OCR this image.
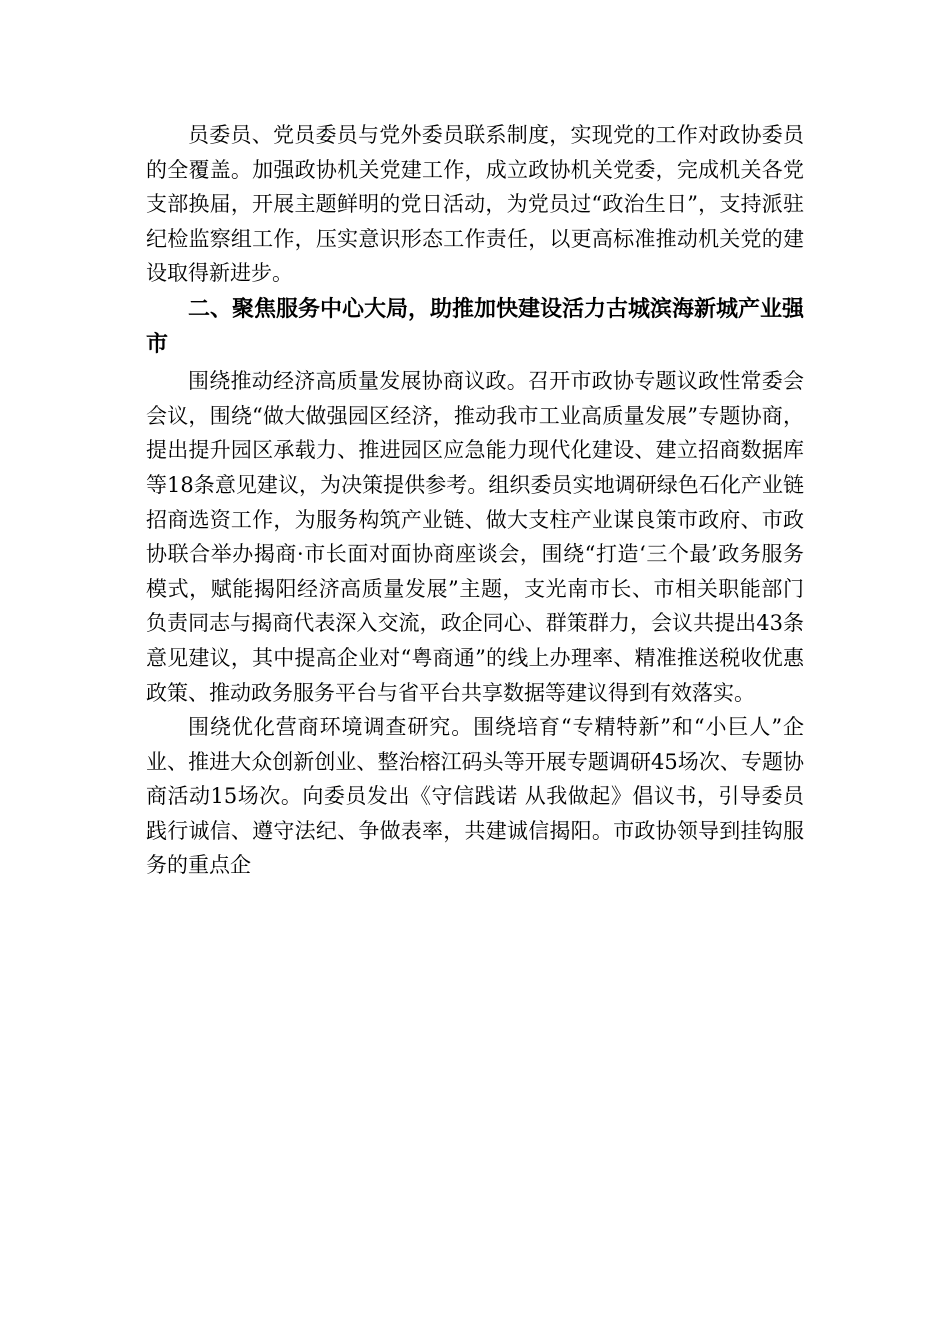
员委员、党员委员与党外委员联系制度，实现党的工作对政协委员的全覆盖。加强政协机关党建工作，成立政协机关党委，完成机关各党支部换届，开展主题鲜明的党日活动，为党员过“政治生日”，支持派驻纪检监察组工作，压实意识形态工作责任，以更高标准推动机关党的建设取得新进步。

二、聚焦服务中心大局，助推加快建设活力古城滨海新城产业强市

围绕推动经济高质量发展协商议政。召开市政协专题议政性常委会会议，围绕“做大做强园区经济，推动我市工业高质量发展”专题协商，提出提升园区承载力、推进园区应急能力现代化建设、建立招商数据库等18条意见建议，为决策提供参考。组织委员实地调研绿色石化产业链招商选资工作，为服务构筑产业链、做大支柱产业谋良策市政府、市政协联合举办揭商·市长面对面协商座谈会，围绕“打造‘三个最’政务服务模式，赋能揭阳经济高质量发展”主题，支光南市长、市相关职能部门负责同志与揭商代表深入交流，政企同心、群策群力，会议共提出43条意见建议，其中提高企业对“粤商通”的线上办理率、精准推送税收优惠政策、推动政务服务平台与省平台共享数据等建议得到有效落实。

围绕优化营商环境调查研究。围绕培育“专精特新”和“小巨人”企业、推进大众创新创业、整治榕江码头等开展专题调研45场次、专题协商活动15场次。向委员发出《守信践诺 从我做起》倡议书，引导委员践行诚信、遵守法纪、争做表率，共建诚信揭阳。市政协领导到挂钩服务的重点企
